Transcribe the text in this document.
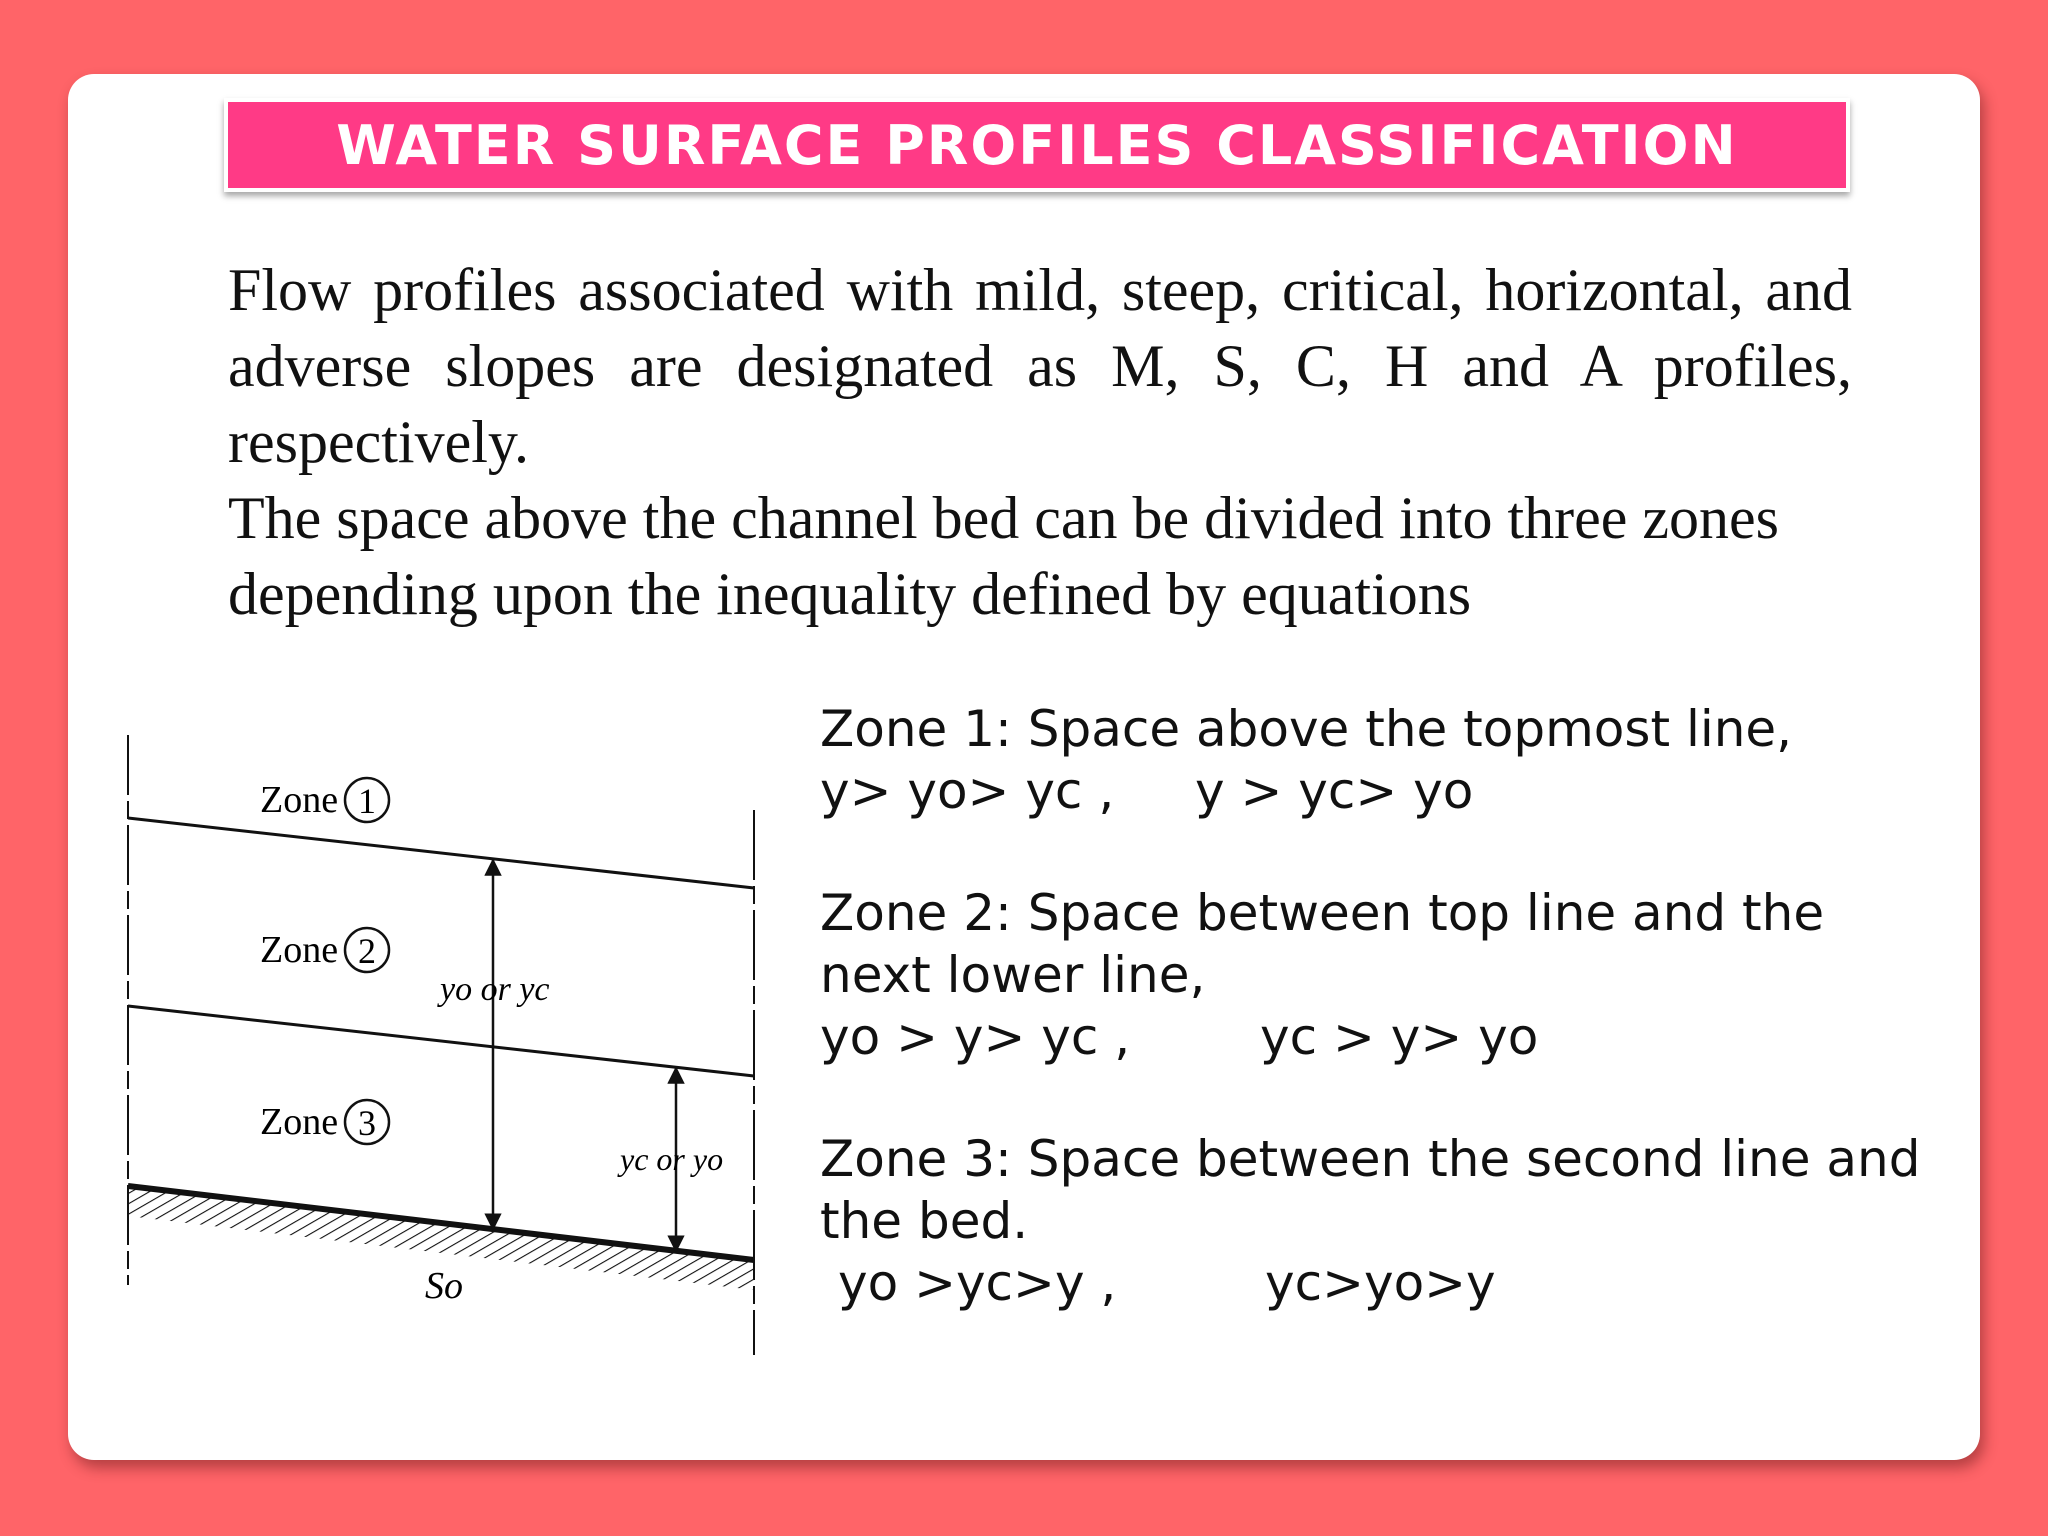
WATER SURFACE PROFILES CLASSIFICATION

Flow profiles associated with mild, steep, critical, horizontal, and adverse slopes are designated as M, S, C, H and A profiles, respectively.

The space above the channel bed can be divided into three zones depending upon the inequality defined by equations

Zone 1
Zone 2
Zone 3
yo or yc
yc or yo
So

Zone 1: Space above the topmost line,

y> yo> yc ,	y > yc> yo

Zone 2: Space between top line and the next lower line,

yo > y> yc ,	yc > y> yo

Zone 3: Space between the second line and the bed.

yo >yc>y ,	yc>yo>y
